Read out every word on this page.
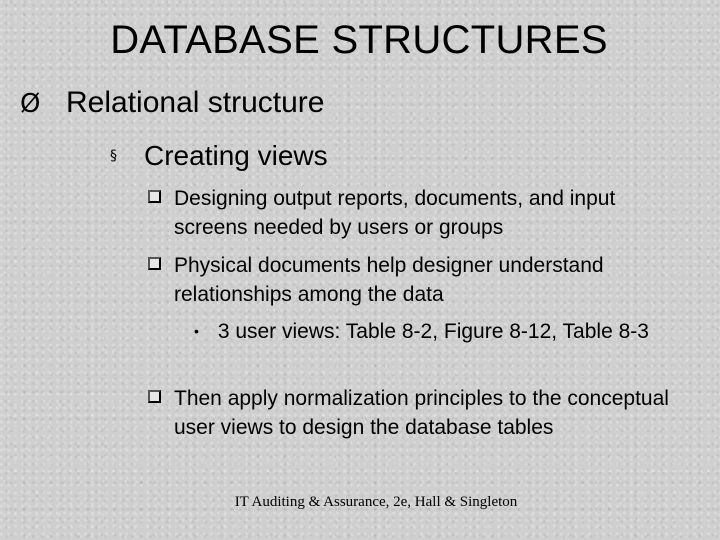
DATABASE STRUCTURES
Ø Relational structure
§ Creating views
Designing output reports, documents, and input screens needed by users or groups
Physical documents help designer understand relationships among the data
• 3 user views: Table 8-2, Figure 8-12, Table 8-3
Then apply normalization principles to the conceptual user views to design the database tables
IT Auditing & Assurance, 2e, Hall & Singleton
